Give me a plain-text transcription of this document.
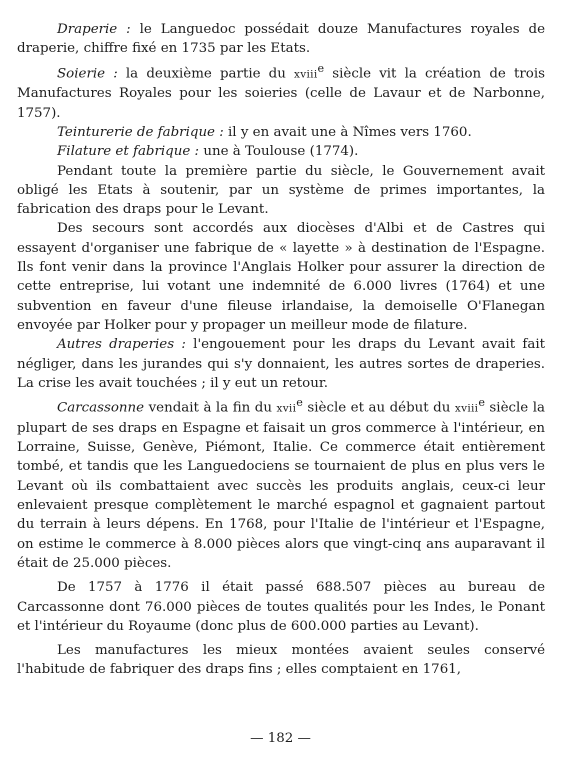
Draperie : le Languedoc possédait douze Manufactures royales de draperie, chiffre fixé en 1735 par les Etats.

Soierie : la deuxième partie du xviii$^e$ siècle vit la création de trois Manufactures Royales pour les soieries (celle de Lavaur et de Narbonne, 1757).

Teinturerie de fabrique : il y en avait une à Nîmes vers 1760.

Filature et fabrique : une à Toulouse (1774).

Pendant toute la première partie du siècle, le Gouvernement avait obligé les Etats à soutenir, par un système de primes importantes, la fabrication des draps pour le Levant.

Des secours sont accordés aux diocèses d'Albi et de Castres qui essayent d'organiser une fabrique de « layette » à destination de l'Espagne. Ils font venir dans la province l'Anglais Holker pour assurer la direction de cette entreprise, lui votant une indemnité de 6.000 livres (1764) et une subvention en faveur d'une fileuse irlandaise, la demoiselle O'Flanegan envoyée par Holker pour y propager un meilleur mode de filature.

Autres draperies : l'engouement pour les draps du Levant avait fait négliger, dans les jurandes qui s'y donnaient, les autres sortes de draperies. La crise les avait touchées ; il y eut un retour.

Carcassonne vendait à la fin du xvii$^e$ siècle et au début du xviii$^e$ siècle la plupart de ses draps en Espagne et faisait un gros commerce à l'intérieur, en Lorraine, Suisse, Genève, Piémont, Italie. Ce commerce était entièrement tombé, et tandis que les Languedociens se tournaient de plus en plus vers le Levant où ils combattaient avec succès les produits anglais, ceux-ci leur enlevaient presque complètement le marché espagnol et gagnaient partout du terrain à leurs dépens. En 1768, pour l'Italie de l'intérieur et l'Espagne, on estime le commerce à 8.000 pièces alors que vingt-cinq ans auparavant il était de 25.000 pièces.

De 1757 à 1776 il était passé 688.507 pièces au bureau de Carcassonne dont 76.000 pièces de toutes qualités pour les Indes, le Ponant et l'intérieur du Royaume (donc plus de 600.000 parties au Levant).

Les manufactures les mieux montées avaient seules conservé l'habitude de fabriquer des draps fins ; elles comptaient en 1761,

— 182 —
